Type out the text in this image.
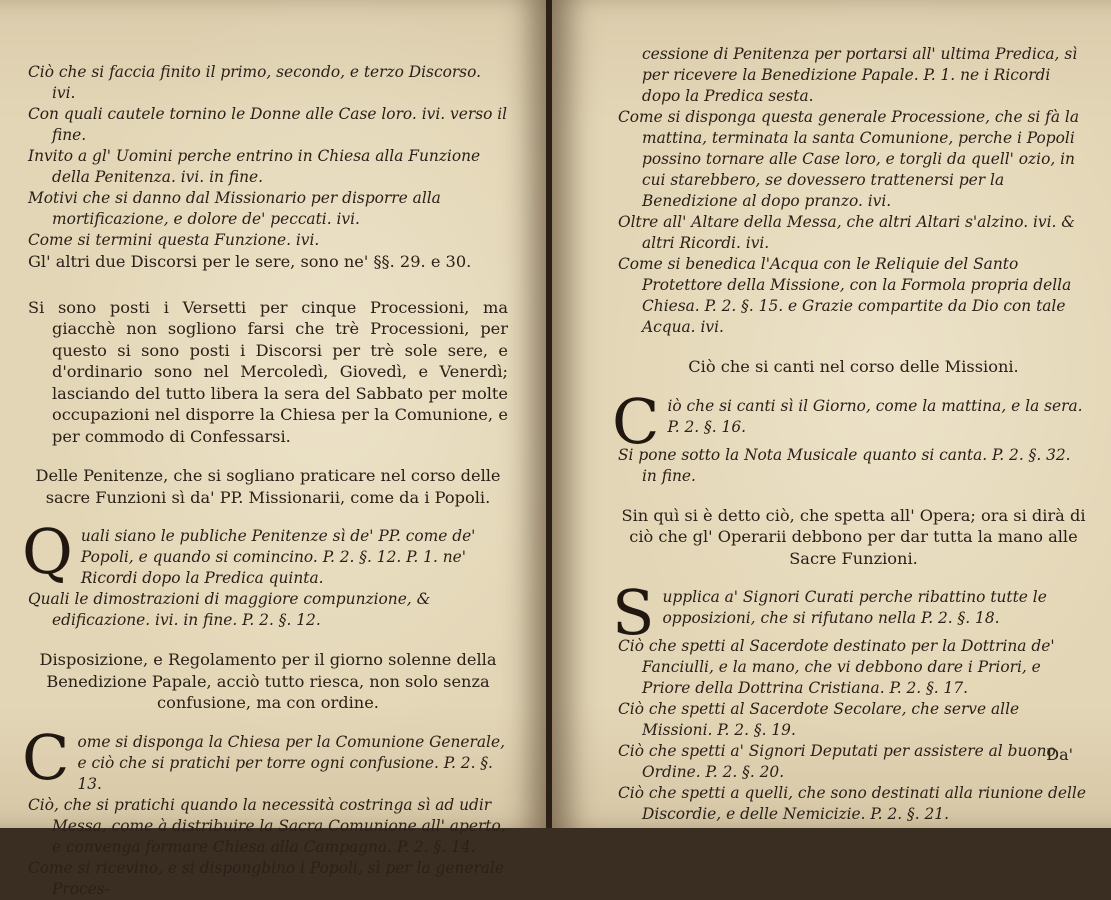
Ciò che si faccia finito il primo, secondo, e terzo Discorso. ivi.

Con quali cautele tornino le Donne alle Case loro. ivi. verso il fine.

Invito a gl' Uomini perche entrino in Chiesa alla Funzione della Penitenza. ivi. in fine.

Motivi che si danno dal Missionario per disporre alla mortificazione, e dolore de' peccati. ivi.

Come si termini questa Funzione. ivi.

Gl' altri due Discorsi per le sere, sono ne' §§. 29. e 30.

Si sono posti i Versetti per cinque Processioni, ma giacchè non sogliono farsi che trè Processioni, per questo si sono posti i Discorsi per trè sole sere, e d'ordinario sono nel Mercoledì, Giovedì, e Venerdì; lasciando del tutto libera la sera del Sabbato per molte occupazioni nel disporre la Chiesa per la Comunione, e per commodo di Confessarsi.

Delle Penitenze, che si sogliano praticare nel corso delle sacre Funzioni sì da' PP. Missionarii, come da i Popoli.

Q uali siano le publiche Penitenze sì de' PP. come de' Popoli, e quando si comincino. P. 2. §. 12. P. 1. ne' Ricordi dopo la Predica quinta.

Quali le dimostrazioni di maggiore compunzione, & edificazione. ivi. in fine. P. 2. §. 12.

Disposizione, e Regolamento per il giorno solenne della Benedizione Papale, acciò tutto riesca, non solo senza confusione, ma con ordine.

C ome si disponga la Chiesa per la Comunione Generale, e ciò che si pratichi per torre ogni confusione. P. 2. §. 13.

Ciò, che si pratichi quando la necessità costringa sì ad udir Messa, come à distribuire la Sacra Comunione all' aperto, e convenga formare Chiesa alla Campagna. P. 2. §. 14.

Come si ricevino, e si dispongbino i Popoli, sì per la generale Proces-

cessione di Penitenza per portarsi all' ultima Predica, sì per ricevere la Benedizione Papale. P. 1. ne i Ricordi dopo la Predica sesta.

Come si disponga questa generale Processione, che si fà la mattina, terminata la santa Comunione, perche i Popoli possino tornare alle Case loro, e torgli da quell' ozio, in cui starebbero, se dovessero trattenersi per la Benedizione al dopo pranzo. ivi.

Oltre all' Altare della Messa, che altri Altari s'alzino. ivi. & altri Ricordi. ivi.

Come si benedica l'Acqua con le Reliquie del Santo Protettore della Missione, con la Formola propria della Chiesa. P. 2. §. 15. e Grazie compartite da Dio con tale Acqua. ivi.

Ciò che si canti nel corso delle Missioni.

C iò che si canti sì il Giorno, come la mattina, e la sera. P. 2. §. 16.

Si pone sotto la Nota Musicale quanto si canta. P. 2. §. 32. in fine.

Sin quì si è detto ciò, che spetta all' Opera; ora si dirà di ciò che gl' Operarii debbono per dar tutta la mano alle Sacre Funzioni.

S upplica a' Signori Curati perche ribattino tutte le opposizioni, che si rifutano nella P. 2. §. 18.

Ciò che spetti al Sacerdote destinato per la Dottrina de' Fanciulli, e la mano, che vi debbono dare i Priori, e Priore della Dottrina Cristiana. P. 2. §. 17.

Ciò che spetti al Sacerdote Secolare, che serve alle Missioni. P. 2. §. 19.

Ciò che spetti a' Signori Deputati per assistere al buono Ordine. P. 2. §. 20.

Ciò che spetti a quelli, che sono destinati alla riunione delle Discordie, e delle Nemicizie. P. 2. §. 21.

Da'
